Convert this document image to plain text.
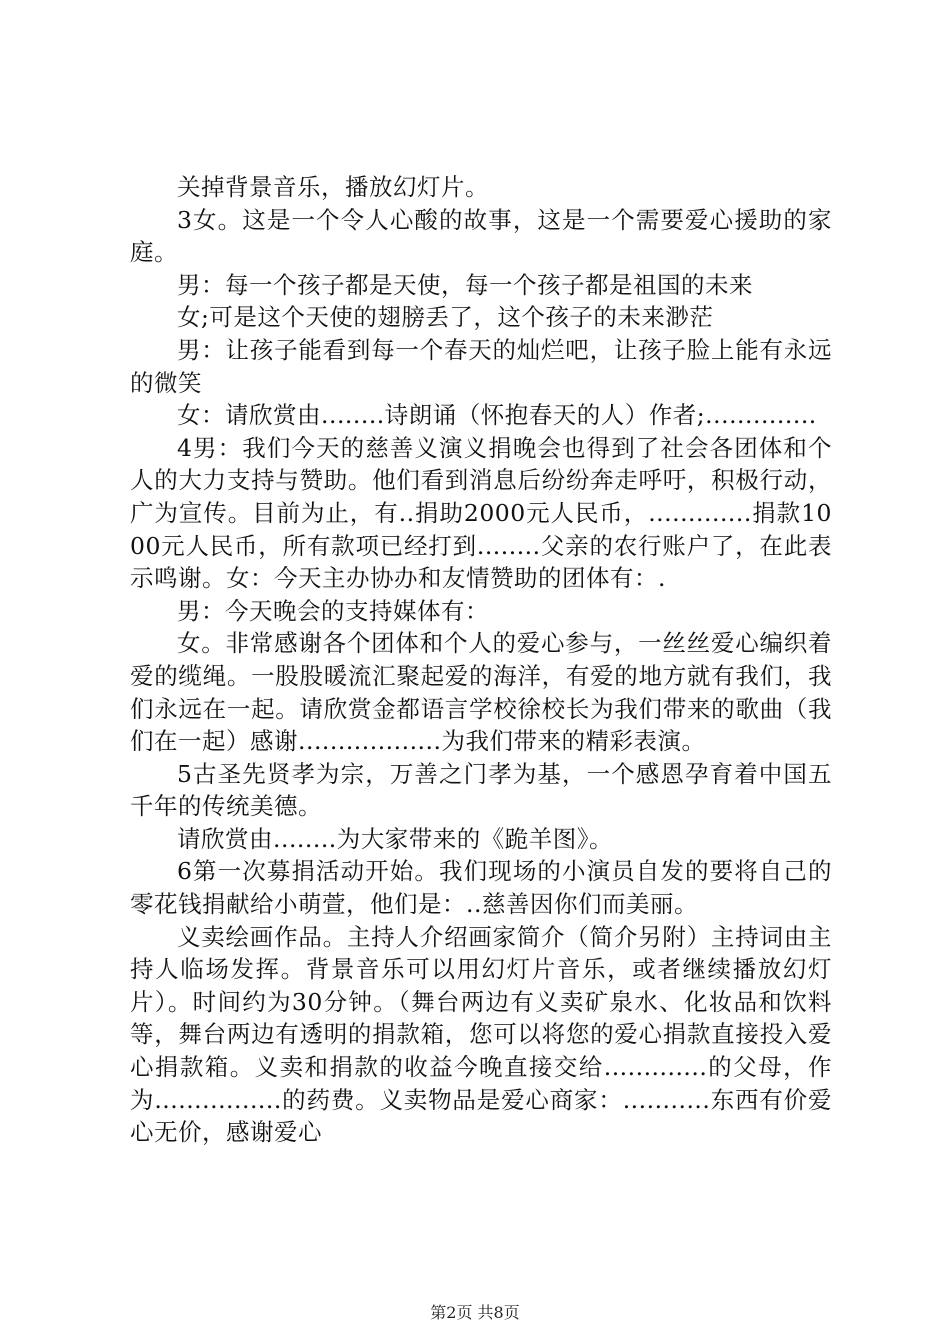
关掉背景音乐，播放幻灯片。

3女。这是一个令人心酸的故事，这是一个需要爱心援助的家庭。

男：每一个孩子都是天使，每一个孩子都是祖国的未来

女;可是这个天使的翅膀丢了，这个孩子的未来渺茫

男：让孩子能看到每一个春天的灿烂吧，让孩子脸上能有永远的微笑

女：请欣赏由........诗朗诵（怀抱春天的人）作者;..............

4男：我们今天的慈善义演义捐晚会也得到了社会各团体和个人的大力支持与赞助。他们看到消息后纷纷奔走呼吁，积极行动，广为宣传。目前为止，有..捐助2000元人民币，.............捐款1000元人民币，所有款项已经打到........父亲的农行账户了，在此表示鸣谢。女：今天主办协办和友情赞助的团体有：.

男：今天晚会的支持媒体有：

女。非常感谢各个团体和个人的爱心参与，一丝丝爱心编织着爱的缆绳。一股股暖流汇聚起爱的海洋，有爱的地方就有我们，我们永远在一起。请欣赏金都语言学校徐校长为我们带来的歌曲（我们在一起）感谢..................为我们带来的精彩表演。

5古圣先贤孝为宗，万善之门孝为基，一个感恩孕育着中国五千年的传统美德。

请欣赏由........为大家带来的《跪羊图》。

6第一次募捐活动开始。我们现场的小演员自发的要将自己的零花钱捐献给小萌萱，他们是：..慈善因你们而美丽。

义卖绘画作品。主持人介绍画家简介（简介另附）主持词由主持人临场发挥。背景音乐可以用幻灯片音乐，或者继续播放幻灯片）。时间约为30分钟。（舞台两边有义卖矿泉水、化妆品和饮料等，舞台两边有透明的捐款箱，您可以将您的爱心捐款直接投入爱心捐款箱。义卖和捐款的收益今晚直接交给.............的父母，作为................的药费。义卖物品是爱心商家：...........东西有价爱心无价，感谢爱心

第2页 共8页
